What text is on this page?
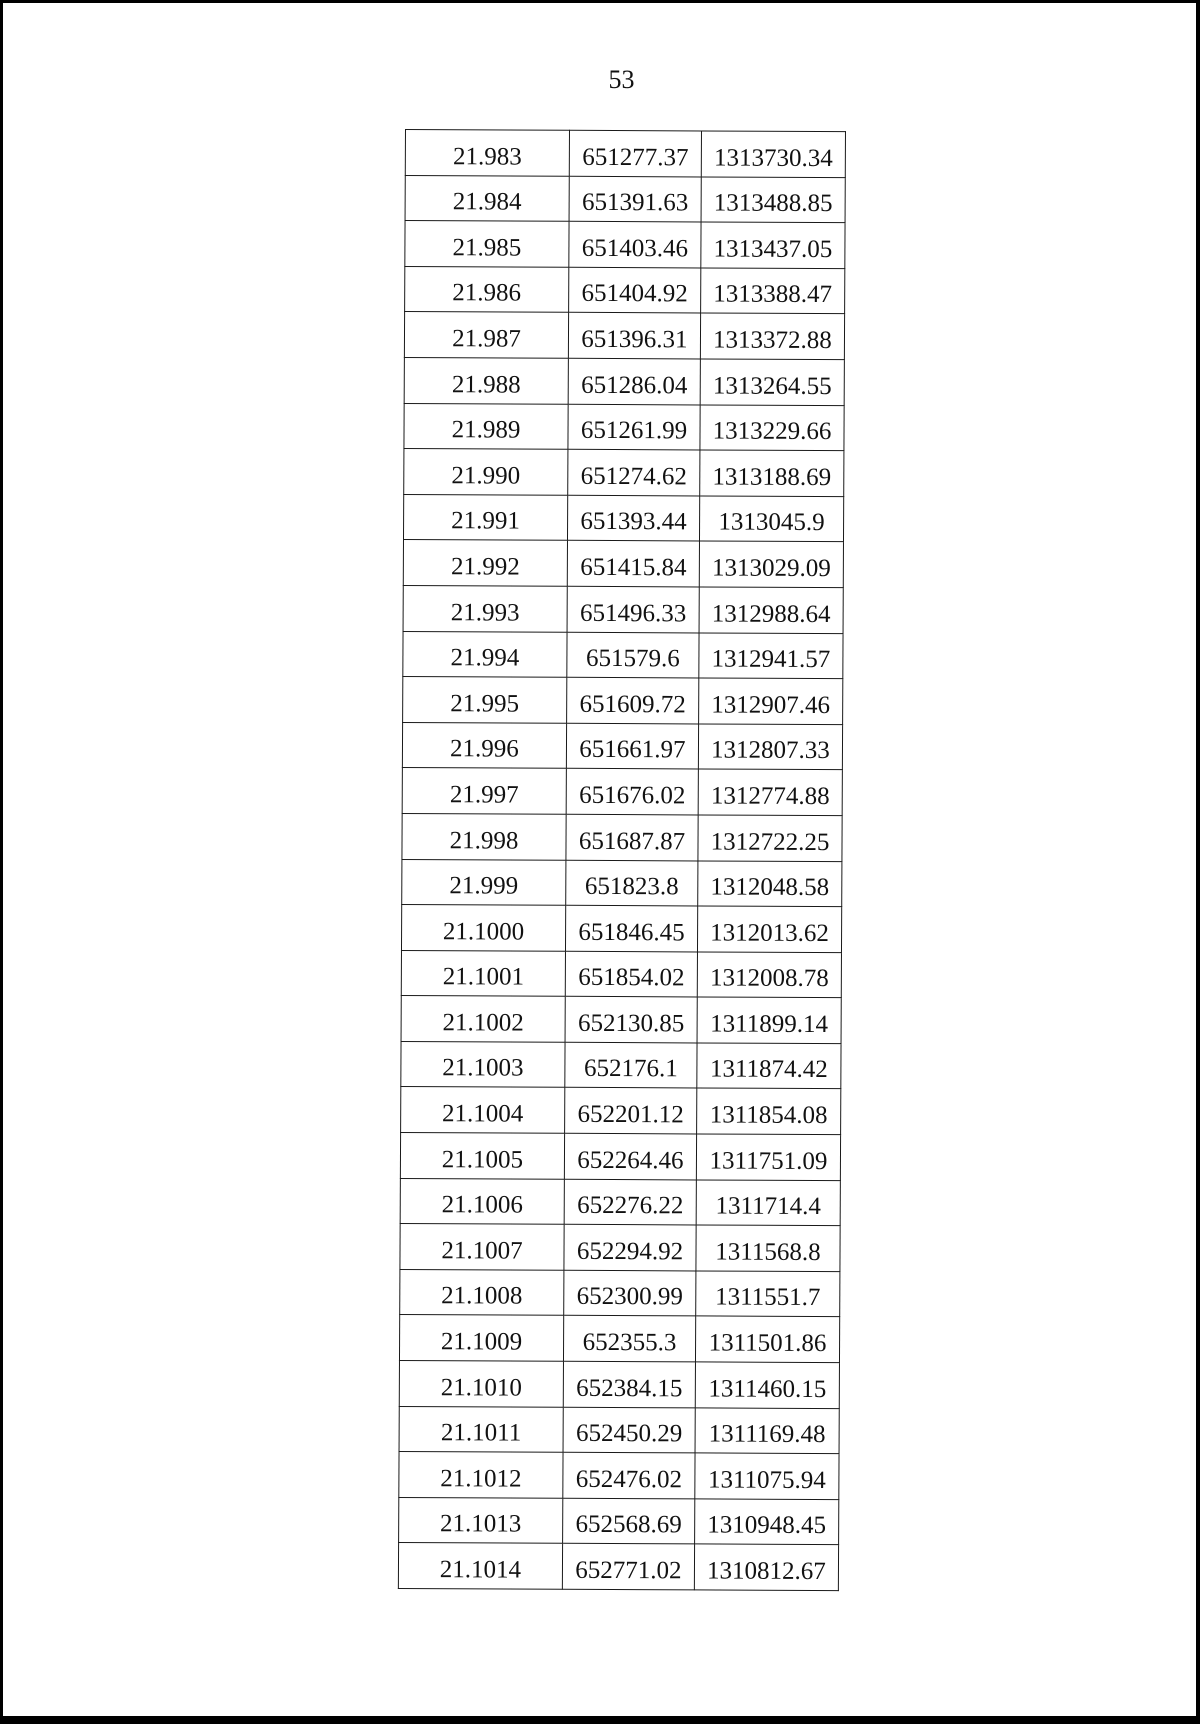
53
21.983	651277.37	1313730.34
21.984	651391.63	1313488.85
21.985	651403.46	1313437.05
21.986	651404.92	1313388.47
21.987	651396.31	1313372.88
21.988	651286.04	1313264.55
21.989	651261.99	1313229.66
21.990	651274.62	1313188.69
21.991	651393.44	1313045.9
21.992	651415.84	1313029.09
21.993	651496.33	1312988.64
21.994	651579.6	1312941.57
21.995	651609.72	1312907.46
21.996	651661.97	1312807.33
21.997	651676.02	1312774.88
21.998	651687.87	1312722.25
21.999	651823.8	1312048.58
21.1000	651846.45	1312013.62
21.1001	651854.02	1312008.78
21.1002	652130.85	1311899.14
21.1003	652176.1	1311874.42
21.1004	652201.12	1311854.08
21.1005	652264.46	1311751.09
21.1006	652276.22	1311714.4
21.1007	652294.92	1311568.8
21.1008	652300.99	1311551.7
21.1009	652355.3	1311501.86
21.1010	652384.15	1311460.15
21.1011	652450.29	1311169.48
21.1012	652476.02	1311075.94
21.1013	652568.69	1310948.45
21.1014	652771.02	1310812.67
